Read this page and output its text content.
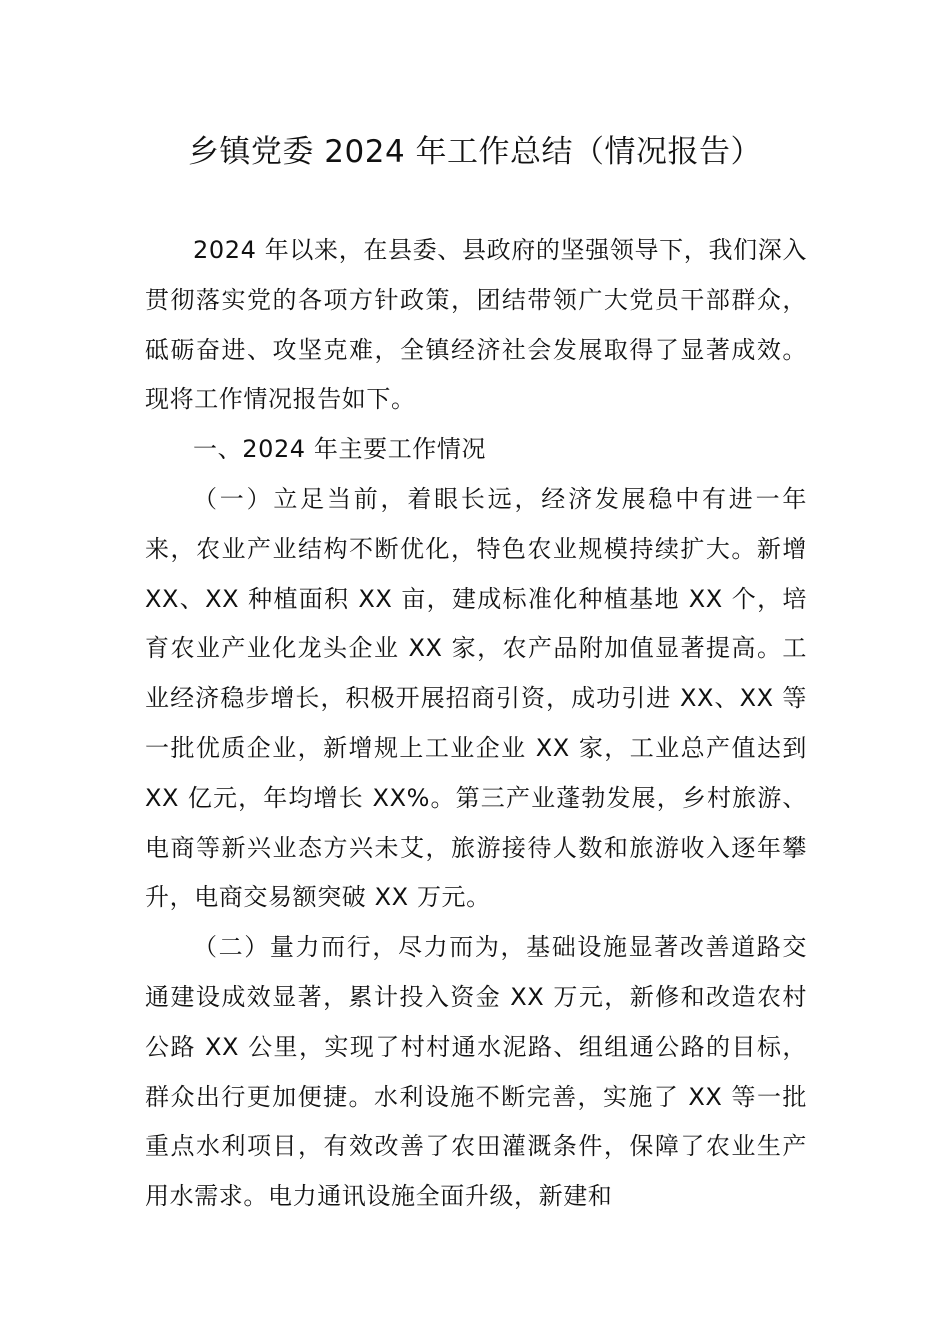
乡镇党委 2024 年工作总结（情况报告）

2024 年以来，在县委、县政府的坚强领导下，我们深入贯彻落实党的各项方针政策，团结带领广大党员干部群众，砥砺奋进、攻坚克难，全镇经济社会发展取得了显著成效。现将工作情况报告如下。

一、2024 年主要工作情况

（一）立足当前，着眼长远，经济发展稳中有进一年来，农业产业结构不断优化，特色农业规模持续扩大。新增 XX、XX 种植面积 XX 亩，建成标准化种植基地 XX 个，培育农业产业化龙头企业 XX 家，农产品附加值显著提高。工业经济稳步增长，积极开展招商引资，成功引进 XX、XX 等一批优质企业，新增规上工业企业 XX 家，工业总产值达到 XX 亿元，年均增长 XX%。第三产业蓬勃发展，乡村旅游、电商等新兴业态方兴未艾，旅游接待人数和旅游收入逐年攀升，电商交易额突破 XX 万元。

（二）量力而行，尽力而为，基础设施显著改善道路交通建设成效显著，累计投入资金 XX 万元，新修和改造农村公路 XX 公里，实现了村村通水泥路、组组通公路的目标，群众出行更加便捷。水利设施不断完善，实施了 XX 等一批重点水利项目，有效改善了农田灌溉条件，保障了农业生产用水需求。电力通讯设施全面升级，新建和
